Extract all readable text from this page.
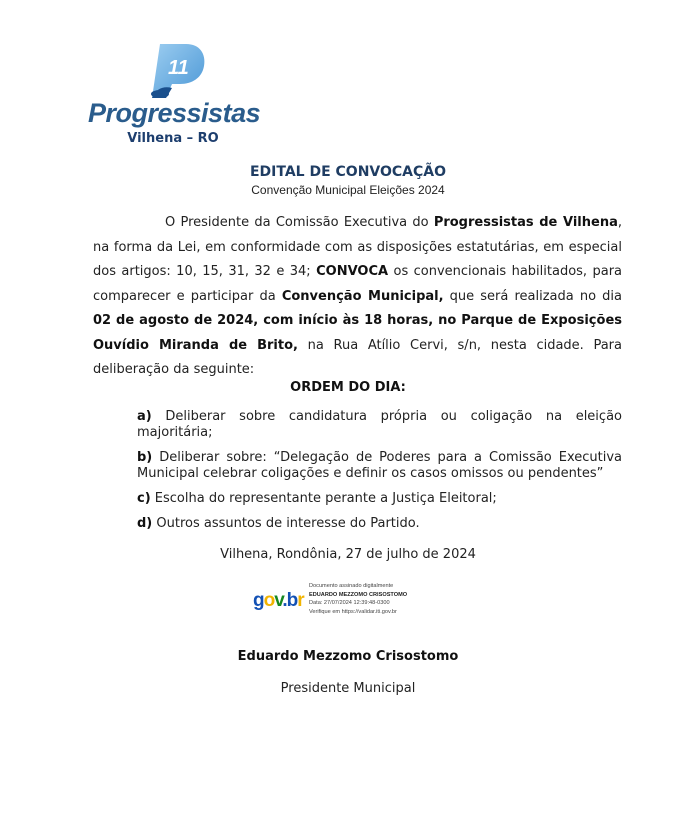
11
Progressistas
Vilhena – RO
EDITAL DE CONVOCAÇÃO
Convenção Municipal Eleições 2024
O Presidente da Comissão Executiva do Progressistas de Vilhena, na forma da Lei, em conformidade com as disposições estatutárias, em especial dos artigos: 10, 15, 31, 32 e 34; CONVOCA os convencionais habilitados, para comparecer e participar da Convenção Municipal, que será realizada no dia 02 de agosto de 2024, com início às 18 horas, no Parque de Exposições Ouvídio Miranda de Brito, na Rua Atílio Cervi, s/n, nesta cidade. Para deliberação da seguinte:
ORDEM DO DIA:
a) Deliberar sobre candidatura própria ou coligação na eleição majoritária;
b) Deliberar sobre: “Delegação de Poderes para a Comissão Executiva Municipal celebrar coligações e definir os casos omissos ou pendentes”
c) Escolha do representante perante a Justiça Eleitoral;
d) Outros assuntos de interesse do Partido.
Vilhena, Rondônia, 27 de julho de 2024
gov.br
Documento assinado digitalmente
EDUARDO MEZZOMO CRISOSTOMO
Data: 27/07/2024 12:39:48-0300
Verifique em https://validar.iti.gov.br
Eduardo Mezzomo Crisostomo
Presidente Municipal
